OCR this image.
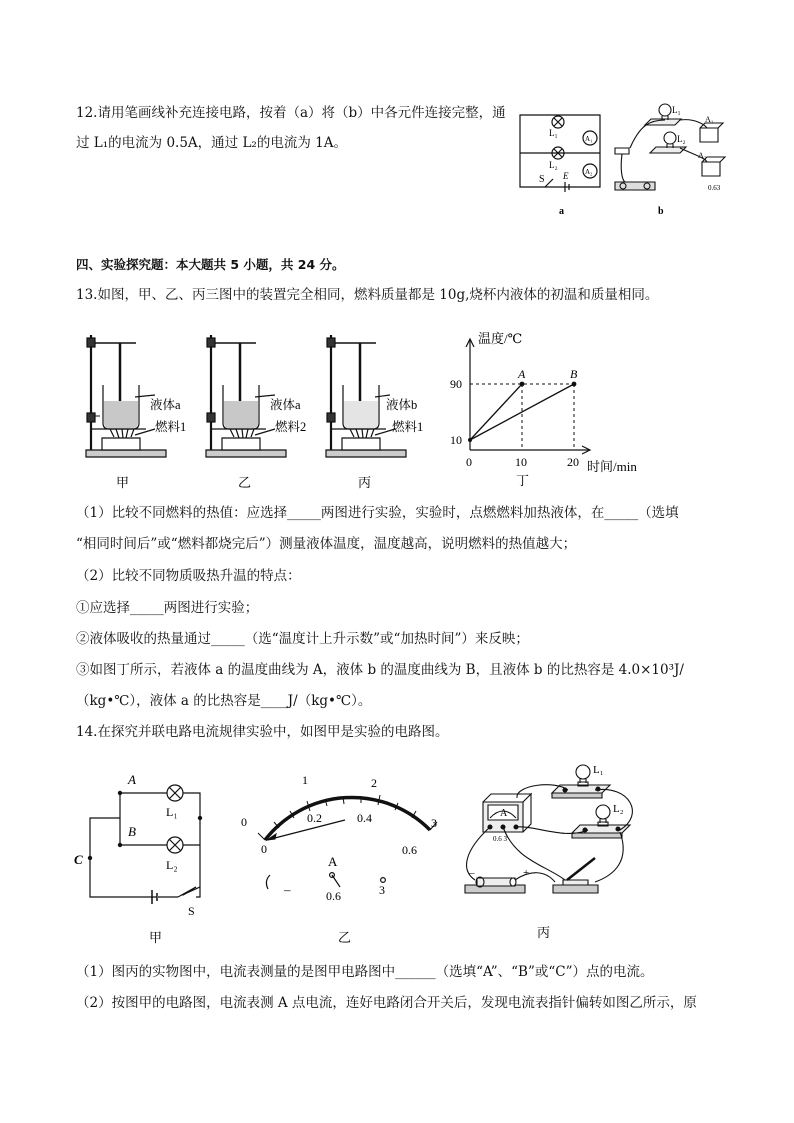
12.请用笔画线补充连接电路，按着（a）将（b）中各元件连接完整，通
过 L₁的电流为 0.5A，通过 L₂的电流为 1A。
L₁
L₂
A₁
A₂
S E
a
L₁
L₂
A₁
A₂
0.63
b
四、实验探究题：本大题共 5 小题，共 24 分。
13.如图，甲、乙、丙三图中的装置完全相同，燃料质量都是 10g,烧杯内液体的初温和质量相同。
液体a
燃料1
甲
液体a
燃料2
乙
液体b
燃料1
丙
10
90
0	10	20
A	B
温度/℃
时间/min
丁
（1）比较不同燃料的热值：应选择_____两图进行实验，实验时，点燃燃料加热液体，在_____（选填
“相同时间后”或“燃料都烧完后”）测量液体温度，温度越高，说明燃料的热值越大；
（2）比较不同物质吸热升温的特点：
①应选择_____两图进行实验；
②液体吸收的热量通过_____（选“温度计上升示数”或“加热时间”）来反映；
③如图丁所示，若液体 a 的温度曲线为 A，液体 b 的温度曲线为 B，且液体 b 的比热容是 4.0×10³J/
（kg•℃），液体 a 的比热容是____J/（kg•℃）。
14.在探究并联电路电流规律实验中，如图甲是实验的电路图。
A
B
C
L₁
L₂
S
甲
0
1	2
3
0
0.2	0.4
0.6
A
–	0.6	3
乙
L₁
L₂
A
0.6 3
–	+
丙
（1）图丙的实物图中，电流表测量的是图甲电路图中______（选填“A”、“B”或“C”）点的电流。
（2）按图甲的电路图，电流表测 A 点电流，连好电路闭合开关后，发现电流表指针偏转如图乙所示，原
